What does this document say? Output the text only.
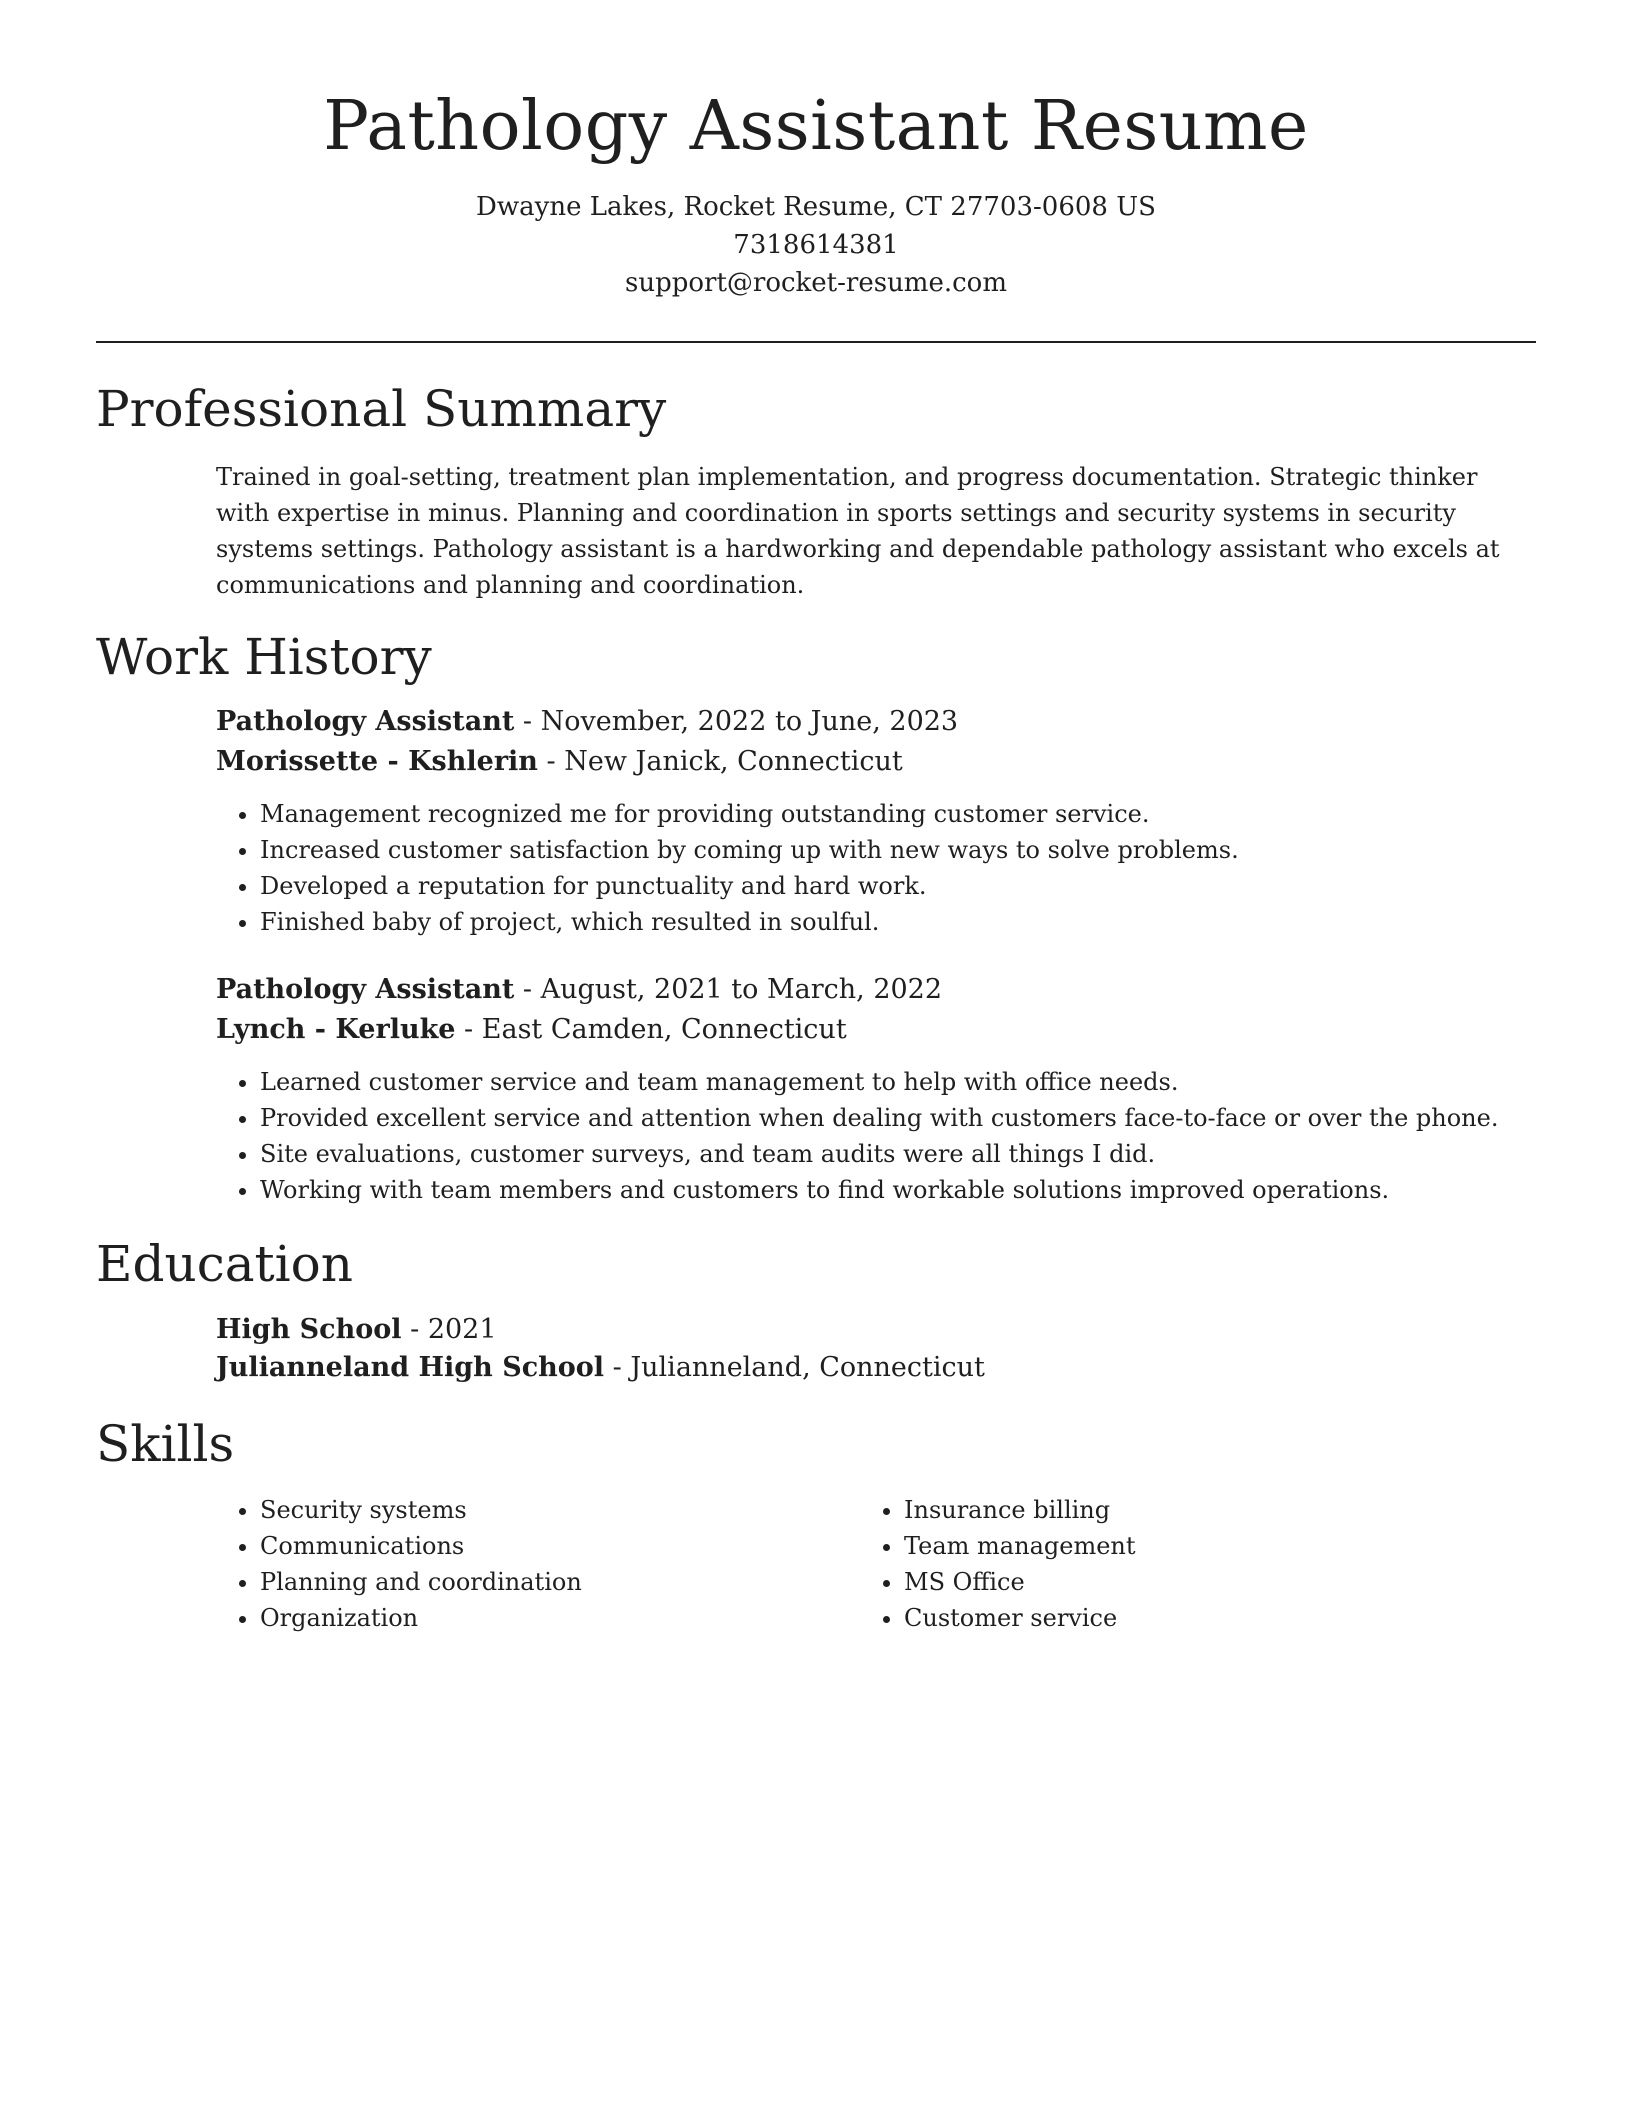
Pathology Assistant Resume
Dwayne Lakes, Rocket Resume, CT 27703-0608 US
7318614381
support@rocket-resume.com
Professional Summary
Trained in goal-setting, treatment plan implementation, and progress documentation. Strategic thinker with expertise in minus. Planning and coordination in sports settings and security systems in security systems settings. Pathology assistant is a hardworking and dependable pathology assistant who excels at communications and planning and coordination.
Work History
Pathology Assistant - November, 2022 to June, 2023
Morissette - Kshlerin - New Janick, Connecticut
• Management recognized me for providing outstanding customer service.
• Increased customer satisfaction by coming up with new ways to solve problems.
• Developed a reputation for punctuality and hard work.
• Finished baby of project, which resulted in soulful.
Pathology Assistant - August, 2021 to March, 2022
Lynch - Kerluke - East Camden, Connecticut
• Learned customer service and team management to help with office needs.
• Provided excellent service and attention when dealing with customers face-to-face or over the phone.
• Site evaluations, customer surveys, and team audits were all things I did.
• Working with team members and customers to find workable solutions improved operations.
Education
High School - 2021
Julianneland High School - Julianneland, Connecticut
Skills
• Security systems
• Communications
• Planning and coordination
• Organization
• Insurance billing
• Team management
• MS Office
• Customer service
